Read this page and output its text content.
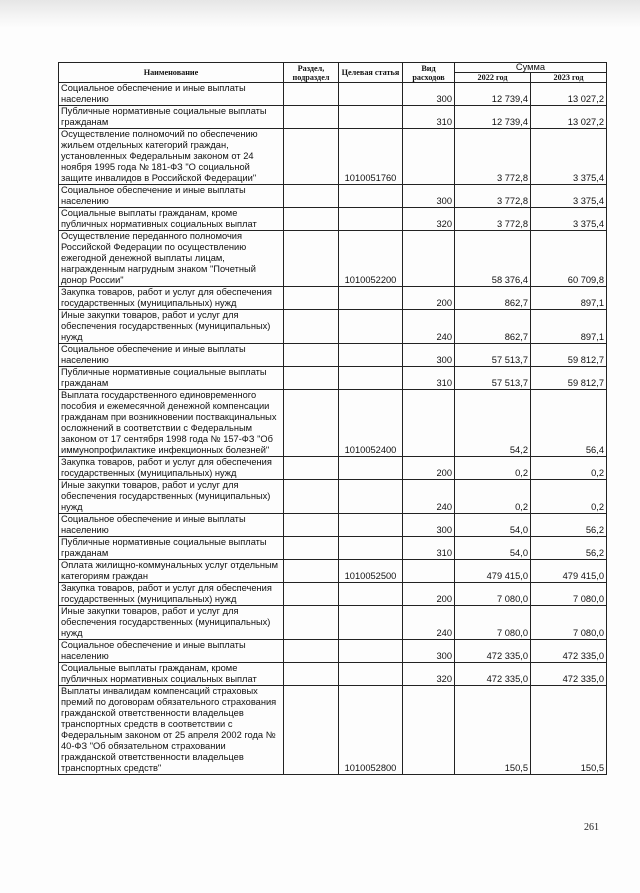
Наименование	Раздел, подраздел	Целевая статья	Вид расходов	Сумма	
				2022 год	2023 год
Социальное обеспечение и иные выплаты населению			300	12 739,4	13 027,2
Публичные нормативные социальные выплаты гражданам			310	12 739,4	13 027,2
Осуществление полномочий по обеспечению жильем отдельных категорий граждан, установленных Федеральным законом от 24 ноября 1995 года № 181-ФЗ "О социальной защите инвалидов в Российской Федерации"		1010051760		3 772,8	3 375,4
Социальное обеспечение и иные выплаты населению			300	3 772,8	3 375,4
Социальные выплаты гражданам, кроме публичных нормативных социальных выплат			320	3 772,8	3 375,4
Осуществление переданного полномочия Российской Федерации по осуществлению ежегодной денежной выплаты лицам, награжденным нагрудным знаком "Почетный донор России"		1010052200		58 376,4	60 709,8
Закупка товаров, работ и услуг для обеспечения государственных (муниципальных) нужд			200	862,7	897,1
Иные закупки товаров, работ и услуг для обеспечения государственных (муниципальных) нужд			240	862,7	897,1
Социальное обеспечение и иные выплаты населению			300	57 513,7	59 812,7
Публичные нормативные социальные выплаты гражданам			310	57 513,7	59 812,7
Выплата государственного единовременного пособия и ежемесячной денежной компенсации гражданам при возникновении поствакцинальных осложнений в соответствии с Федеральным законом от 17 сентября 1998 года № 157-ФЗ "Об иммунопрофилактике инфекционных болезней"		1010052400		54,2	56,4
Закупка товаров, работ и услуг для обеспечения государственных (муниципальных) нужд			200	0,2	0,2
Иные закупки товаров, работ и услуг для обеспечения государственных (муниципальных) нужд			240	0,2	0,2
Социальное обеспечение и иные выплаты населению			300	54,0	56,2
Публичные нормативные социальные выплаты гражданам			310	54,0	56,2
Оплата жилищно-коммунальных услуг отдельным категориям граждан		1010052500		479 415,0	479 415,0
Закупка товаров, работ и услуг для обеспечения государственных (муниципальных) нужд			200	7 080,0	7 080,0
Иные закупки товаров, работ и услуг для обеспечения государственных (муниципальных) нужд			240	7 080,0	7 080,0
Социальное обеспечение и иные выплаты населению			300	472 335,0	472 335,0
Социальные выплаты гражданам, кроме публичных нормативных социальных выплат			320	472 335,0	472 335,0
Выплаты инвалидам компенсаций страховых премий по договорам обязательного страхования гражданской ответственности владельцев транспортных средств в соответствии с Федеральным законом от 25 апреля 2002 года № 40-ФЗ "Об обязательном страховании гражданской ответственности владельцев транспортных средств"		1010052800		150,5	150,5
261
